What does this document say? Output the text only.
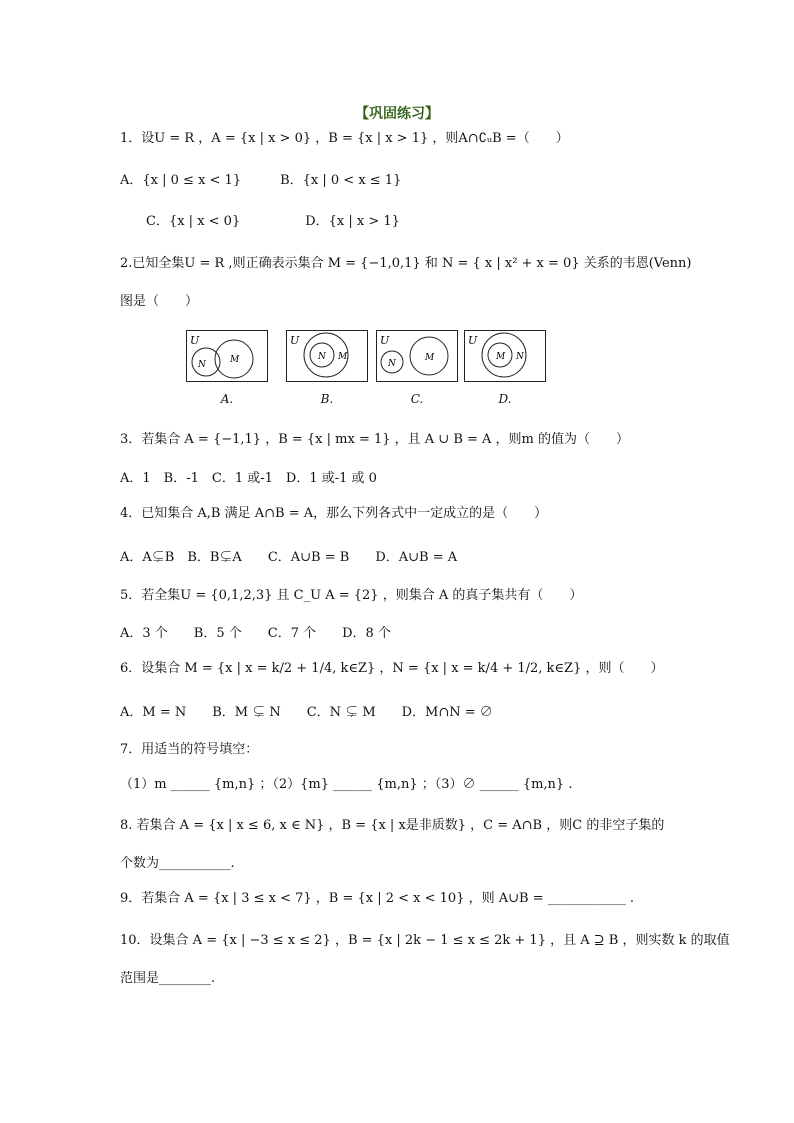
【巩固练习】
1．设U = R ，A = {x | x > 0} ，B = {x | x > 1} ，则A∩∁ᵤB =（　　）
A．{x | 0 ≤ x < 1}　　　B．{x | 0 < x ≤ 1}
C．{x | x < 0}　　　　　D．{x | x > 1}
2.已知全集U = R ,则正确表示集合 M = {−1,0,1} 和 N = { x | x² + x = 0} 关系的韦恩(Venn)
图是（　　）
U
N	M
A.
U
N M
B.
U
N
M
C.
U
M N
D.
3．若集合 A = {−1,1} ，B = {x | mx = 1} ，且 A ∪ B = A ，则m 的值为（　　）
A．1　B．-1　C．1 或-1　D．1 或-1 或 0
4．已知集合 A,B 满足 A∩B = A，那么下列各式中一定成立的是（　　）
A．A⊊B　B．B⊊A　　C．A∪B = B　　D．A∪B = A
5．若全集U = {0,1,2,3} 且 C_U A = {2} ，则集合 A 的真子集共有（　　）
A．3 个　　B．5 个　　C．7 个　　D．8 个
6．设集合 M = {x | x = k/2 + 1/4, k∈Z} ，N = {x | x = k/4 + 1/2, k∈Z} ，则（　　）
A．M = N　　B．M ⊊ N　　C．N ⊊ M　　D．M∩N = ∅
7．用适当的符号填空：
（1）m ______ {m,n} ；（2）{m} ______ {m,n} ；（3）∅ ______ {m,n} .
8. 若集合 A = {x | x ≤ 6, x ∈ N} ，B = {x | x是非质数} ，C = A∩B ，则C 的非空子集的
个数为___________.
9．若集合 A = {x | 3 ≤ x < 7} ，B = {x | 2 < x < 10} ，则 A∪B = ____________ .
10．设集合 A = {x | −3 ≤ x ≤ 2} ，B = {x | 2k − 1 ≤ x ≤ 2k + 1} ，且 A ⊇ B ，则实数 k 的取值
范围是________.
